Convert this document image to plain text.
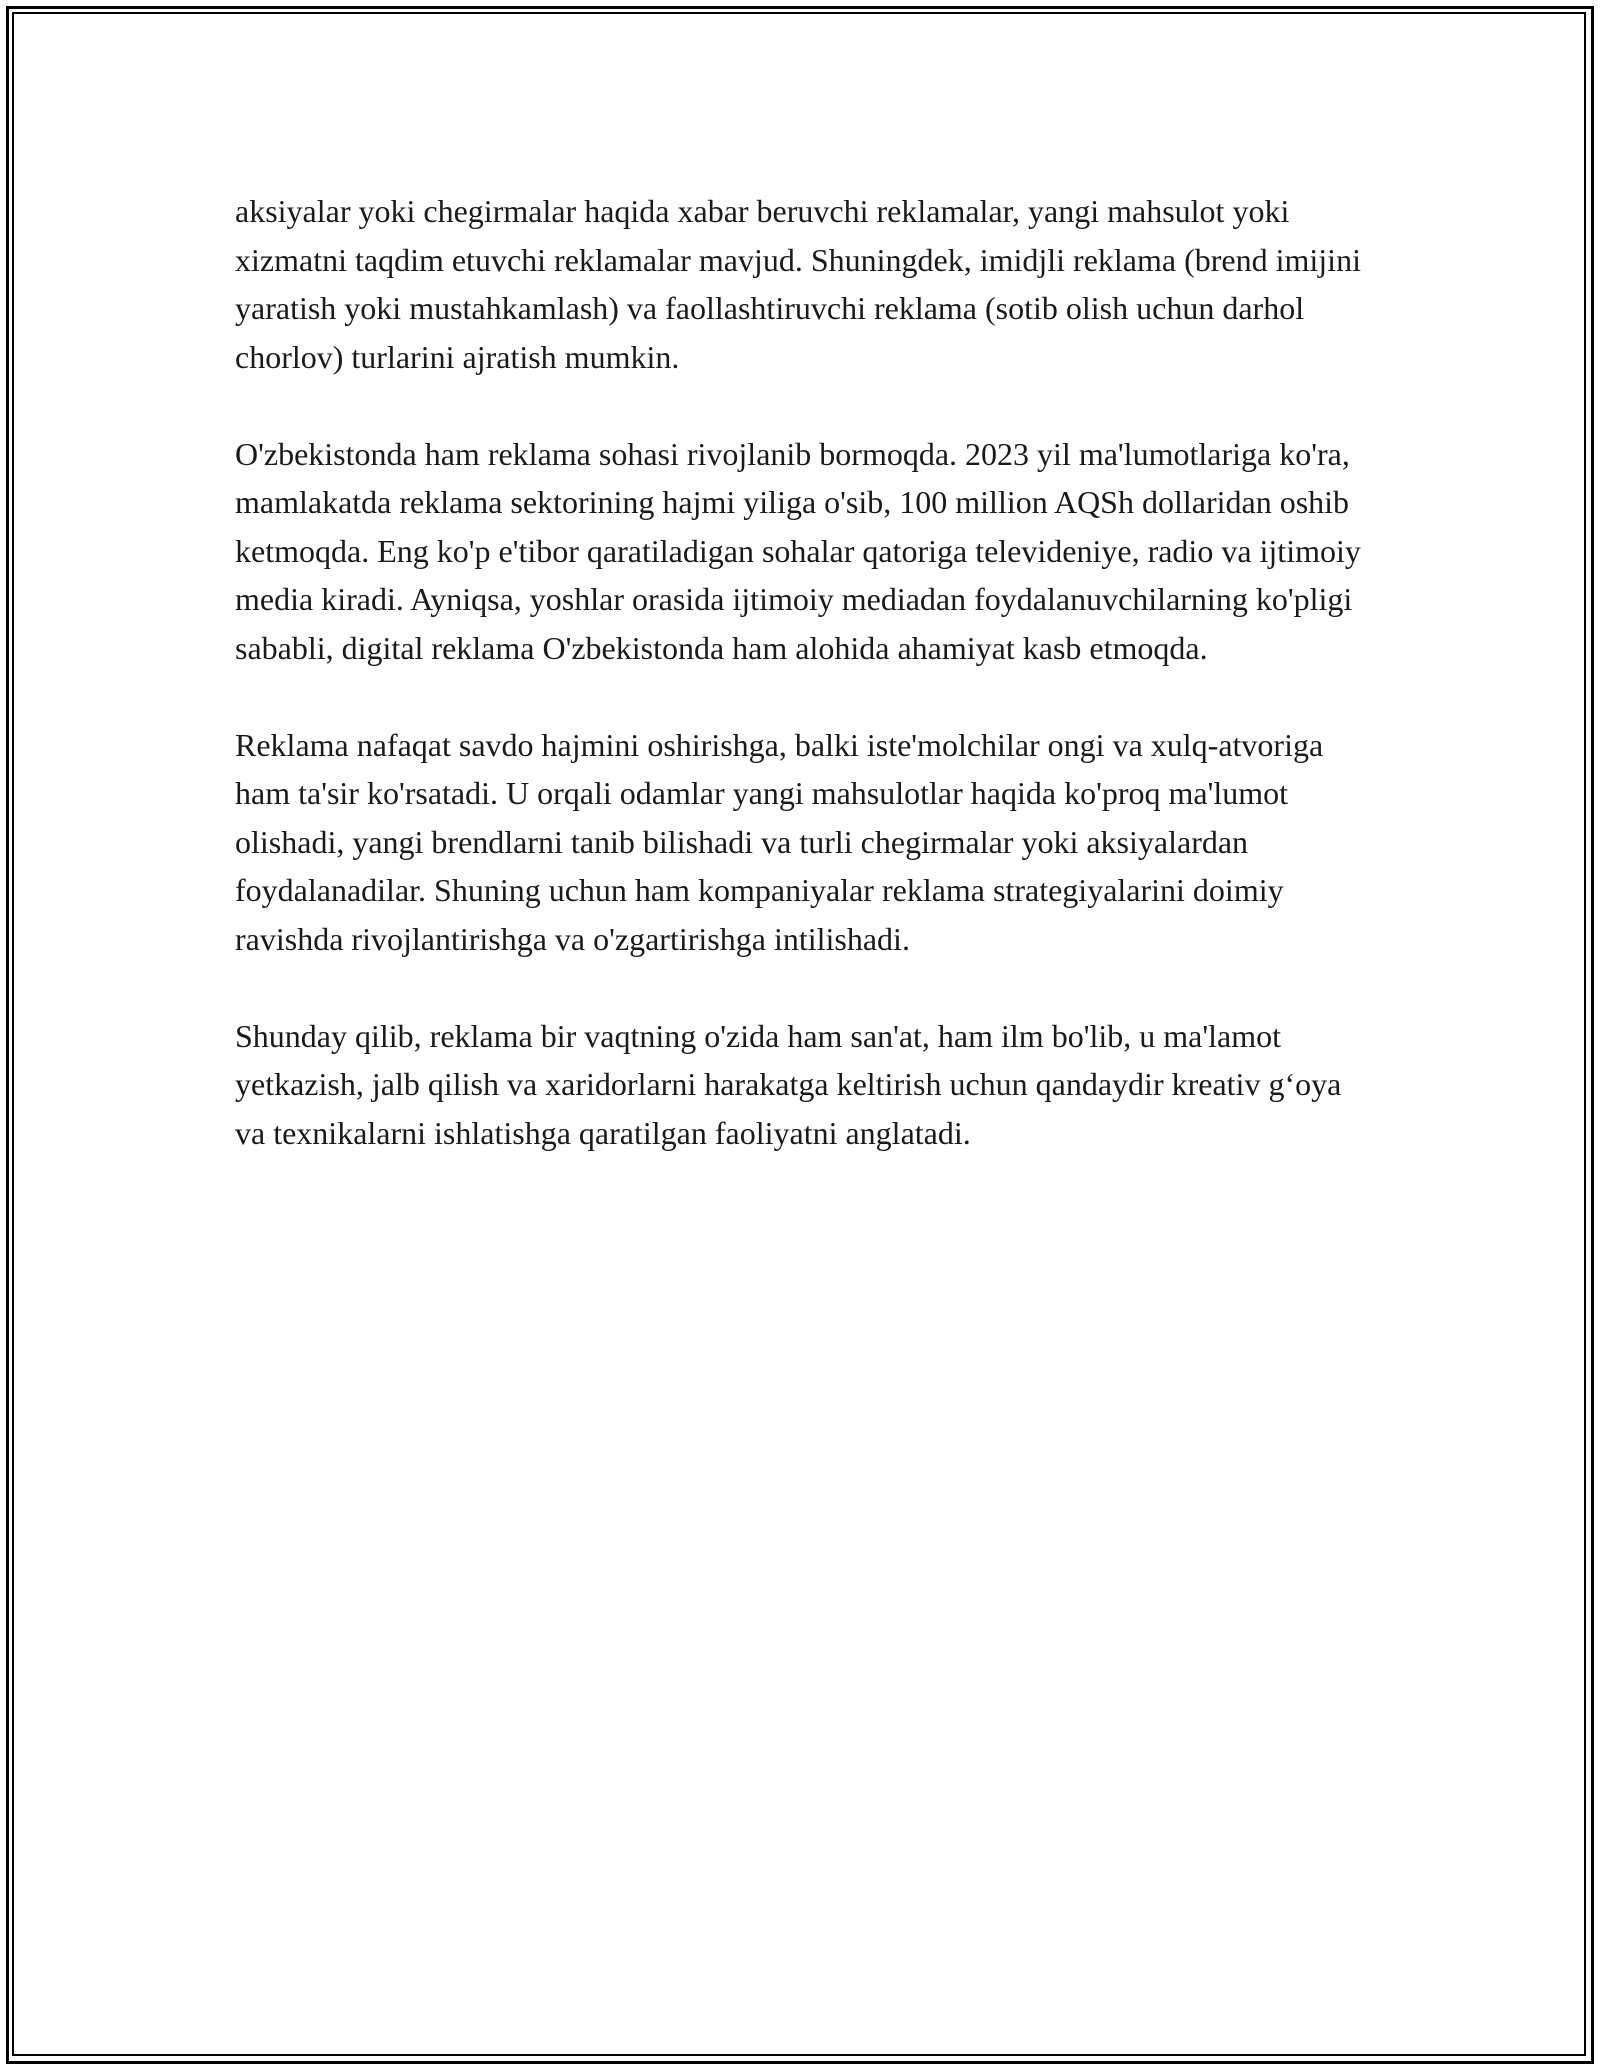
aksiyalar yoki chegirmalar haqida xabar beruvchi reklamalar, yangi mahsulot yoki xizmatni taqdim etuvchi reklamalar mavjud. Shuningdek, imidjli reklama (brend imijini yaratish yoki mustahkamlash) va faollashtiruvchi reklama (sotib olish uchun darhol chorlov) turlarini ajratish mumkin.

O'zbekistonda ham reklama sohasi rivojlanib bormoqda. 2023 yil ma'lumotlariga ko'ra, mamlakatda reklama sektorining hajmi yiliga o'sib, 100 million AQSh dollaridan oshib ketmoqda. Eng ko'p e'tibor qaratiladigan sohalar qatoriga televideniye, radio va ijtimoiy media kiradi. Ayniqsa, yoshlar orasida ijtimoiy mediadan foydalanuvchilarning ko'pligi sababli, digital reklama O'zbekistonda ham alohida ahamiyat kasb etmoqda.

Reklama nafaqat savdo hajmini oshirishga, balki iste'molchilar ongi va xulq-atvoriga ham ta'sir ko'rsatadi. U orqali odamlar yangi mahsulotlar haqida ko'proq ma'lumot olishadi, yangi brendlarni tanib bilishadi va turli chegirmalar yoki aksiyalardan foydalanadilar. Shuning uchun ham kompaniyalar reklama strategiyalarini doimiy ravishda rivojlantirishga va o'zgartirishga intilishadi.

Shunday qilib, reklama bir vaqtning o'zida ham san'at, ham ilm bo'lib, u ma'lamot yetkazish, jalb qilish va xaridorlarni harakatga keltirish uchun qandaydir kreativ g‘oya va texnikalarni ishlatishga qaratilgan faoliyatni anglatadi.
